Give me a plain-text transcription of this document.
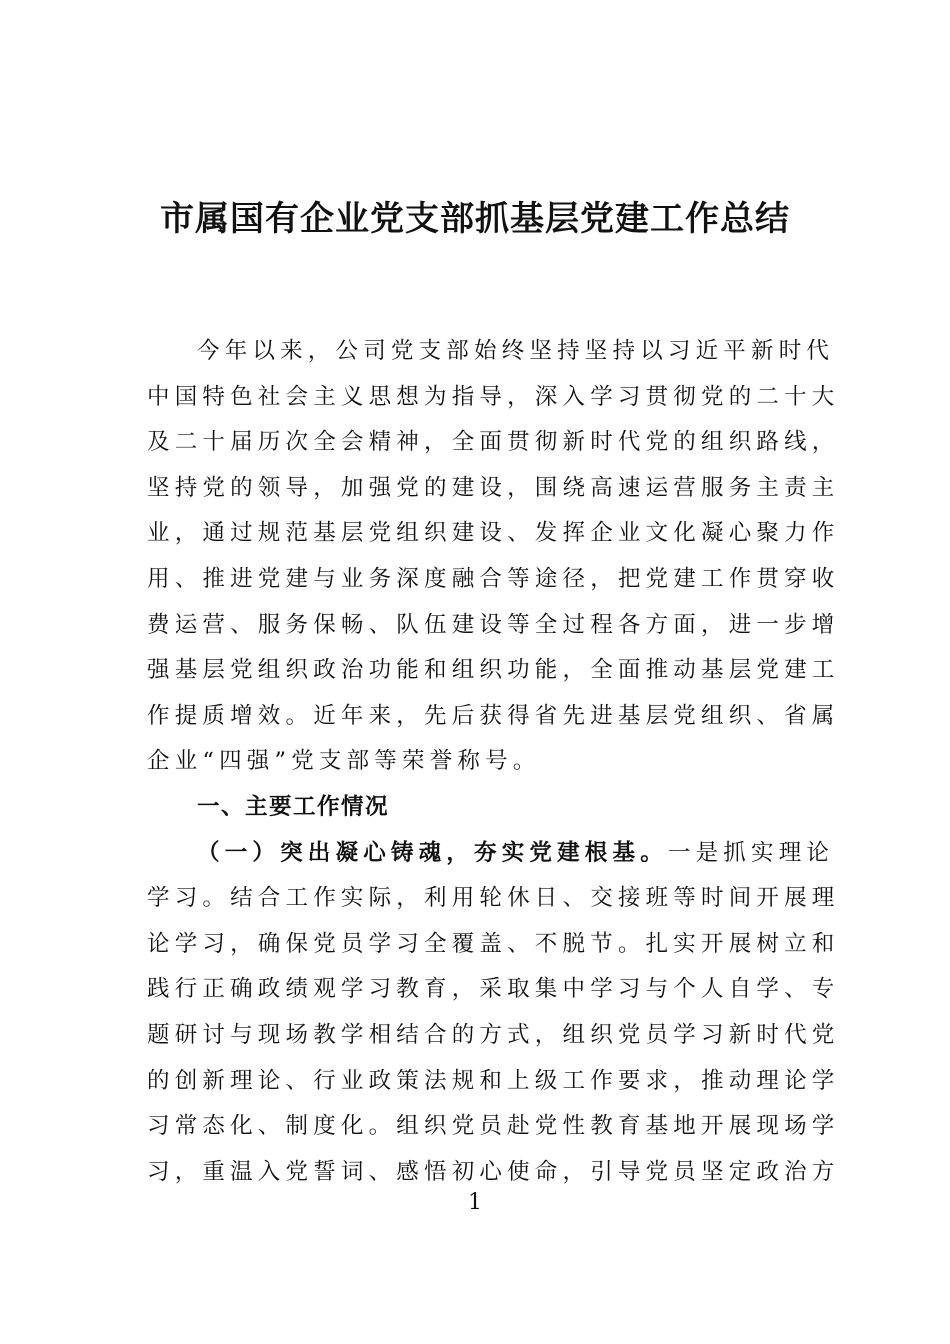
市属国有企业党支部抓基层党建工作总结
今年以来，公司党支部始终坚持坚持以习近平新时代
中国特色社会主义思想为指导，深入学习贯彻党的二十大
及二十届历次全会精神，全面贯彻新时代党的组织路线，
坚持党的领导，加强党的建设，围绕高速运营服务主责主
业，通过规范基层党组织建设、发挥企业文化凝心聚力作
用、推进党建与业务深度融合等途径，把党建工作贯穿收
费运营、服务保畅、队伍建设等全过程各方面，进一步增
强基层党组织政治功能和组织功能，全面推动基层党建工
作提质增效。近年来，先后获得省先进基层党组织、省属
企业“四强”党支部等荣誉称号。
一、主要工作情况
（一）突出凝心铸魂，夯实党建根基。一是抓实理论
学习。结合工作实际，利用轮休日、交接班等时间开展理
论学习，确保党员学习全覆盖、不脱节。扎实开展树立和
践行正确政绩观学习教育，采取集中学习与个人自学、专
题研讨与现场教学相结合的方式，组织党员学习新时代党
的创新理论、行业政策法规和上级工作要求，推动理论学
习常态化、制度化。组织党员赴党性教育基地开展现场学
习，重温入党誓词、感悟初心使命，引导党员坚定政治方
1
